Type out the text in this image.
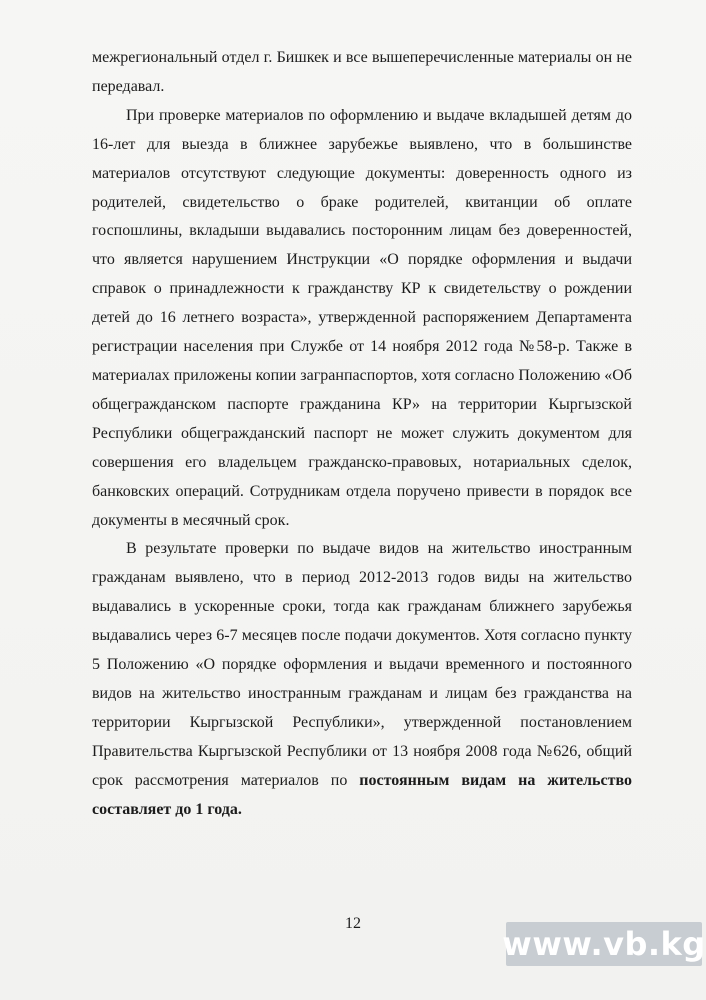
межрегиональный отдел г. Бишкек и все вышеперечисленные материалы он не передавал.

При проверке материалов по оформлению и выдаче вкладышей детям до 16-лет для выезда в ближнее зарубежье выявлено, что в большинстве материалов отсутствуют следующие документы: доверенность одного из родителей, свидетельство о браке родителей, квитанции об оплате госпошлины, вкладыши выдавались посторонним лицам без доверенностей, что является нарушением Инструкции «О порядке оформления и выдачи справок о принадлежности к гражданству КР к свидетельству о рождении детей до 16 летнего возраста», утвержденной распоряжением Департамента регистрации населения при Службе от 14 ноября 2012 года №58-р. Также в материалах приложены копии загранпаспортов, хотя согласно Положению «Об общегражданском паспорте гражданина КР» на территории Кыргызской Республики общегражданский паспорт не может служить документом для совершения его владельцем гражданско-правовых, нотариальных сделок, банковских операций. Сотрудникам отдела поручено привести в порядок все документы в месячный срок.

В результате проверки по выдаче видов на жительство иностранным гражданам выявлено, что в период 2012-2013 годов виды на жительство выдавались в ускоренные сроки, тогда как гражданам ближнего зарубежья выдавались через 6-7 месяцев после подачи документов. Хотя согласно пункту 5 Положению «О порядке оформления и выдачи временного и постоянного видов на жительство иностранным гражданам и лицам без гражданства на территории Кыргызской Республики», утвержденной постановлением Правительства Кыргызской Республики от 13 ноября 2008 года №626, общий срок рассмотрения материалов по постоянным видам на жительство составляет до 1 года.

12
www.vb.kg
